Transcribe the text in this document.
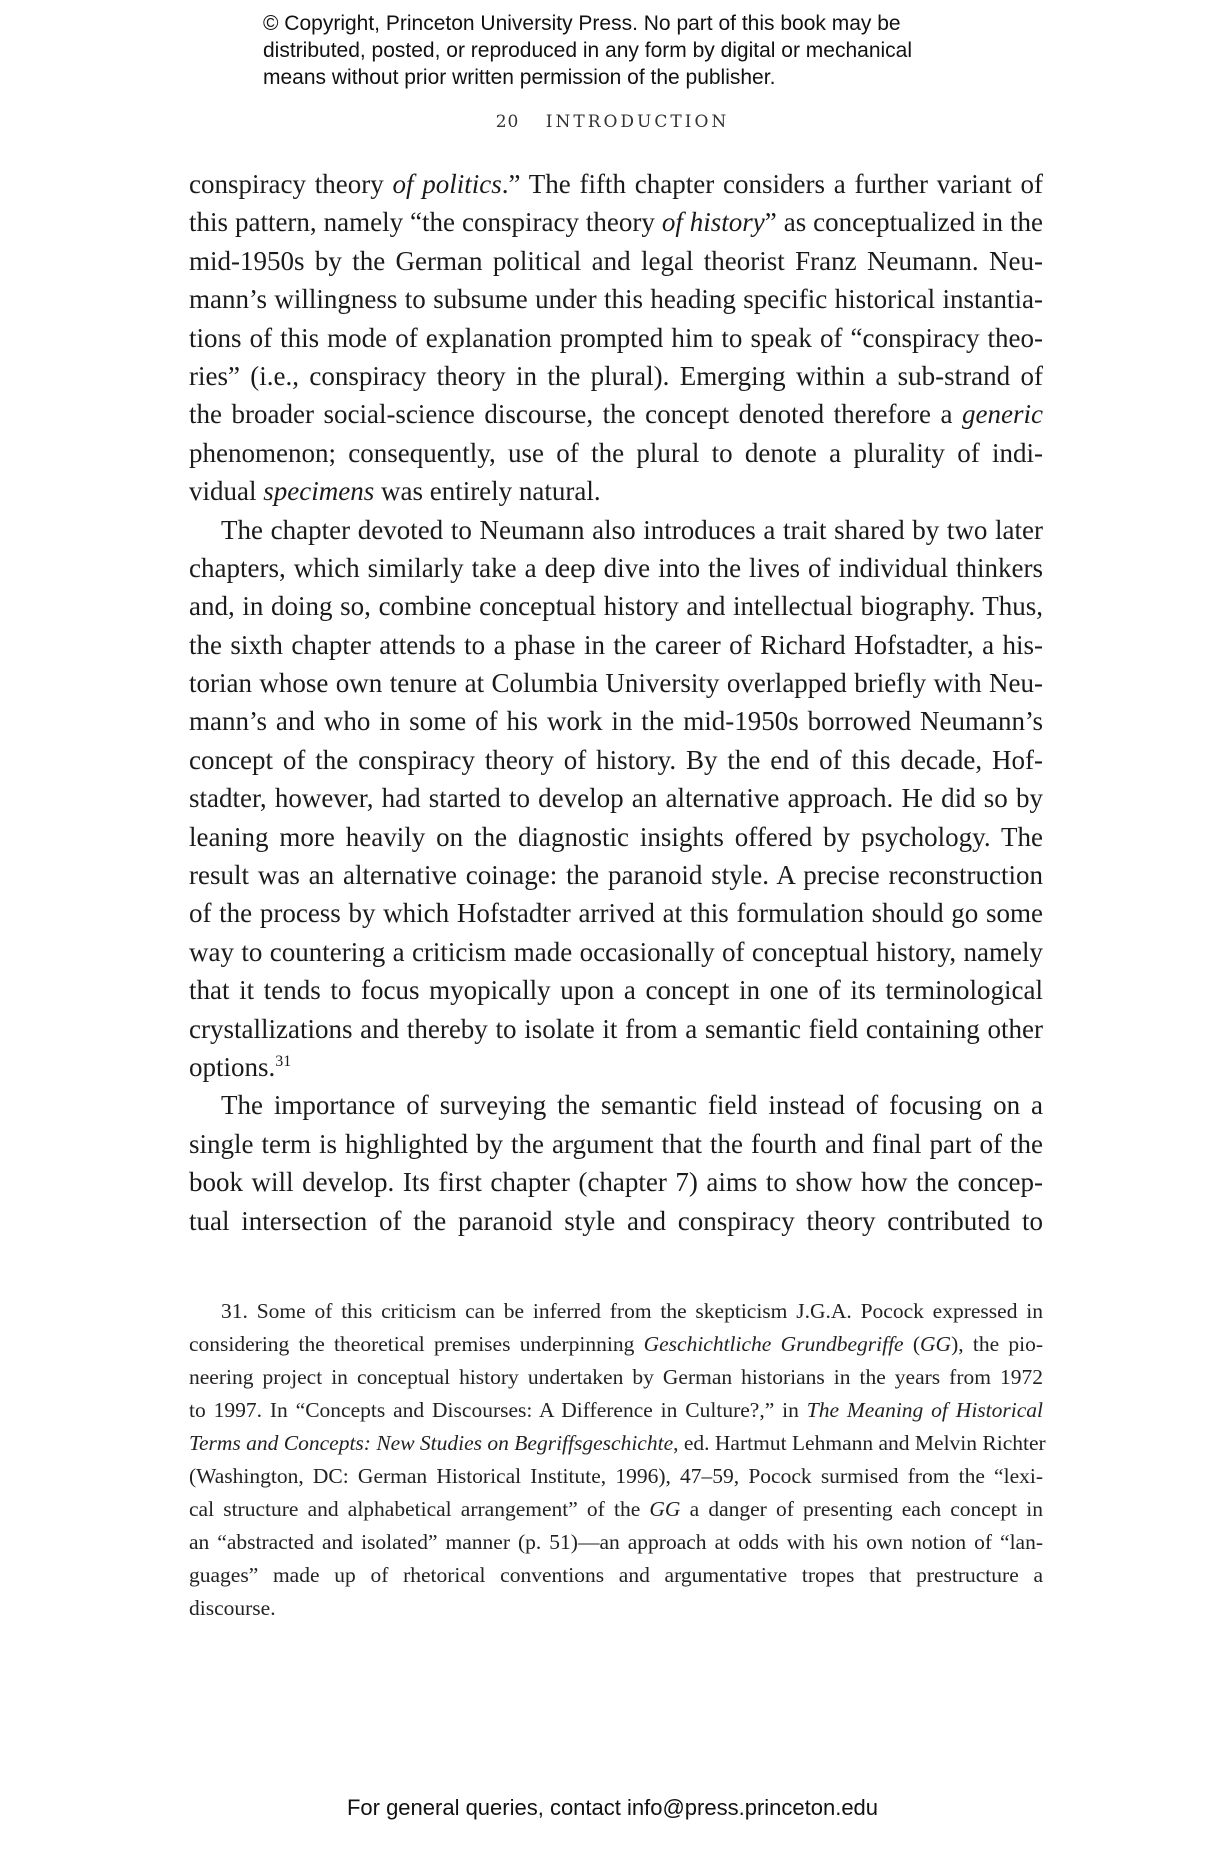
© Copyright, Princeton University Press. No part of this book may be
distributed, posted, or reproduced in any form by digital or mechanical
means without prior written permission of the publisher.
20 INTRODUCTION
conspiracy theory of politics.” The fifth chapter considers a further variant of
this pattern, namely “the conspiracy theory of history” as conceptualized in the
mid-1950s by the German political and legal theorist Franz Neumann. Neu-
mann’s willingness to subsume under this heading specific historical instantia-
tions of this mode of explanation prompted him to speak of “conspiracy theo-
ries” (i.e., conspiracy theory in the plural). Emerging within a sub-strand of
the broader social-science discourse, the concept denoted therefore a generic
phenomenon; consequently, use of the plural to denote a plurality of indi-
vidual specimens was entirely natural.
The chapter devoted to Neumann also introduces a trait shared by two later
chapters, which similarly take a deep dive into the lives of individual thinkers
and, in doing so, combine conceptual history and intellectual biography. Thus,
the sixth chapter attends to a phase in the career of Richard Hofstadter, a his-
torian whose own tenure at Columbia University overlapped briefly with Neu-
mann’s and who in some of his work in the mid-1950s borrowed Neumann’s
concept of the conspiracy theory of history. By the end of this decade, Hof-
stadter, however, had started to develop an alternative approach. He did so by
leaning more heavily on the diagnostic insights offered by psychology. The
result was an alternative coinage: the paranoid style. A precise reconstruction
of the process by which Hofstadter arrived at this formulation should go some
way to countering a criticism made occasionally of conceptual history, namely
that it tends to focus myopically upon a concept in one of its terminological
crystallizations and thereby to isolate it from a semantic field containing other
options.$^{31}$
The importance of surveying the semantic field instead of focusing on a
single term is highlighted by the argument that the fourth and final part of the
book will develop. Its first chapter (chapter 7) aims to show how the concep-
tual intersection of the paranoid style and conspiracy theory contributed to
31. Some of this criticism can be inferred from the skepticism J.G.A. Pocock expressed in
considering the theoretical premises underpinning Geschichtliche Grundbegriffe (GG), the pio-
neering project in conceptual history undertaken by German historians in the years from 1972
to 1997. In “Concepts and Discourses: A Difference in Culture?,” in The Meaning of Historical
Terms and Concepts: New Studies on Begriffsgeschichte, ed. Hartmut Lehmann and Melvin Richter
(Washington, DC: German Historical Institute, 1996), 47–59, Pocock surmised from the “lexi-
cal structure and alphabetical arrangement” of the GG a danger of presenting each concept in
an “abstracted and isolated” manner (p. 51)—an approach at odds with his own notion of “lan-
guages” made up of rhetorical conventions and argumentative tropes that prestructure a
discourse.
For general queries, contact info@press.princeton.edu
